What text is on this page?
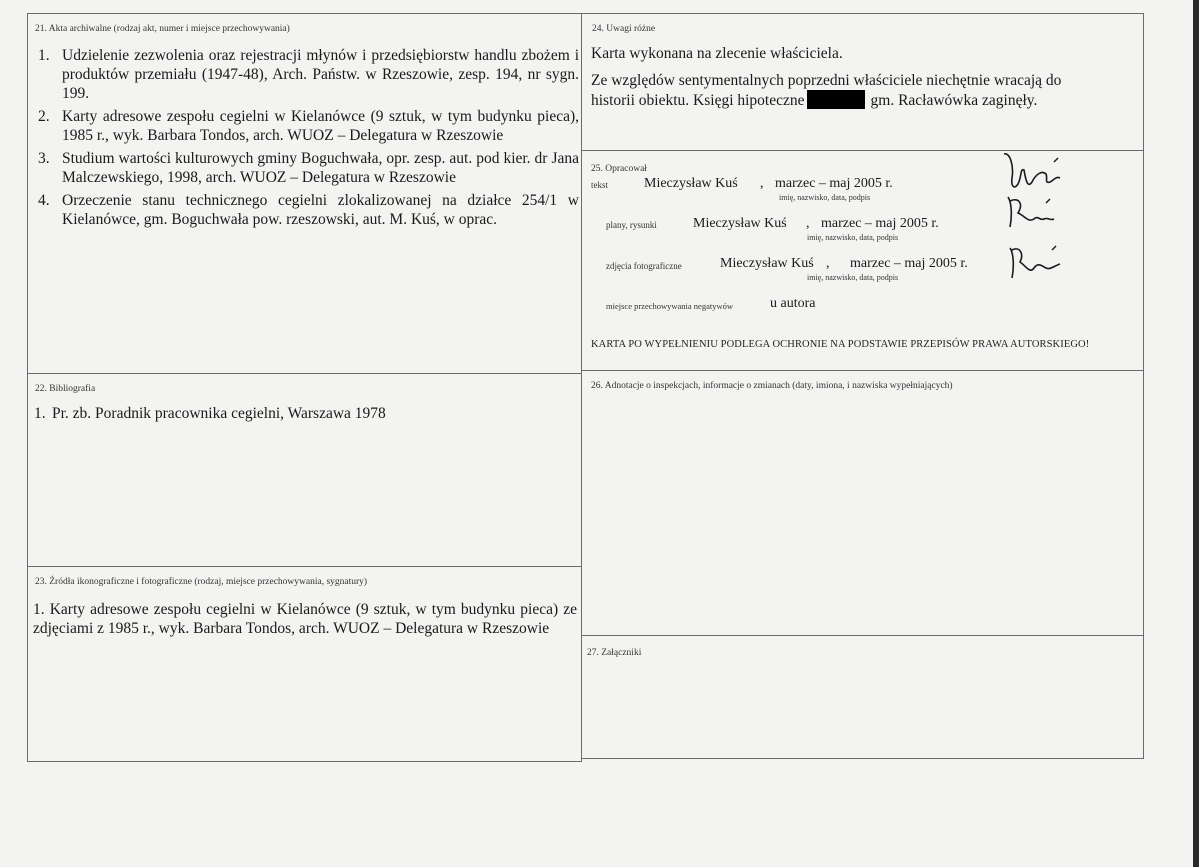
21. Akta archiwalne (rodzaj akt, numer i miejsce przechowywania)
1. Udzielenie zezwolenia oraz rejestracji młynów i przedsiębiorstw handlu zbożem i produktów przemiału (1947-48), Arch. Państw. w Rzeszowie, zesp. 194, nr sygn. 199.
2. Karty adresowe zespołu cegielni w Kielanówce (9 sztuk, w tym budynku pieca), 1985 r., wyk. Barbara Tondos, arch. WUOZ – Delegatura w Rzeszowie
3. Studium wartości kulturowych gminy Boguchwała, opr. zesp. aut. pod kier. dr Jana Malczewskiego, 1998, arch. WUOZ – Delegatura w Rzeszowie
4. Orzeczenie stanu technicznego cegielni zlokalizowanej na działce 254/1 w Kielanówce, gm. Boguchwała pow. rzeszowski, aut. M. Kuś, w oprac.
22. Bibliografia
1. Pr. zb. Poradnik pracownika cegielni, Warszawa 1978
23. Źródła ikonograficzne i fotograficzne (rodzaj, miejsce przechowywania, sygnatury)
1. Karty adresowe zespołu cegielni w Kielanówce (9 sztuk, w tym budynku pieca) ze zdjęciami z 1985 r., wyk. Barbara Tondos, arch. WUOZ – Delegatura w Rzeszowie
24. Uwagi różne
Karta wykonana na zlecenie właściciela.
Ze względów sentymentalnych poprzedni właściciele niechętnie wracają do
historii obiektu. Księgi hipoteczne	gm. Racławówka zaginęły.
25. Opracował
tekst	Mieczysław Kuś , marzec – maj 2005 r.
imię, nazwisko, data, podpis
plany, rysunki	Mieczysław Kuś , marzec – maj 2005 r.
imię, nazwisko, data, podpis
zdjęcia fotograficzne	Mieczysław Kuś , marzec – maj 2005 r.
imię, nazwisko, data, podpis
miejsce przechowywania negatywów	u autora
KARTA PO WYPEŁNIENIU PODLEGA OCHRONIE NA PODSTAWIE PRZEPISÓW PRAWA AUTORSKIEGO!
26. Adnotacje o inspekcjach, informacje o zmianach (daty, imiona, i nazwiska wypełniających)
27. Załączniki
